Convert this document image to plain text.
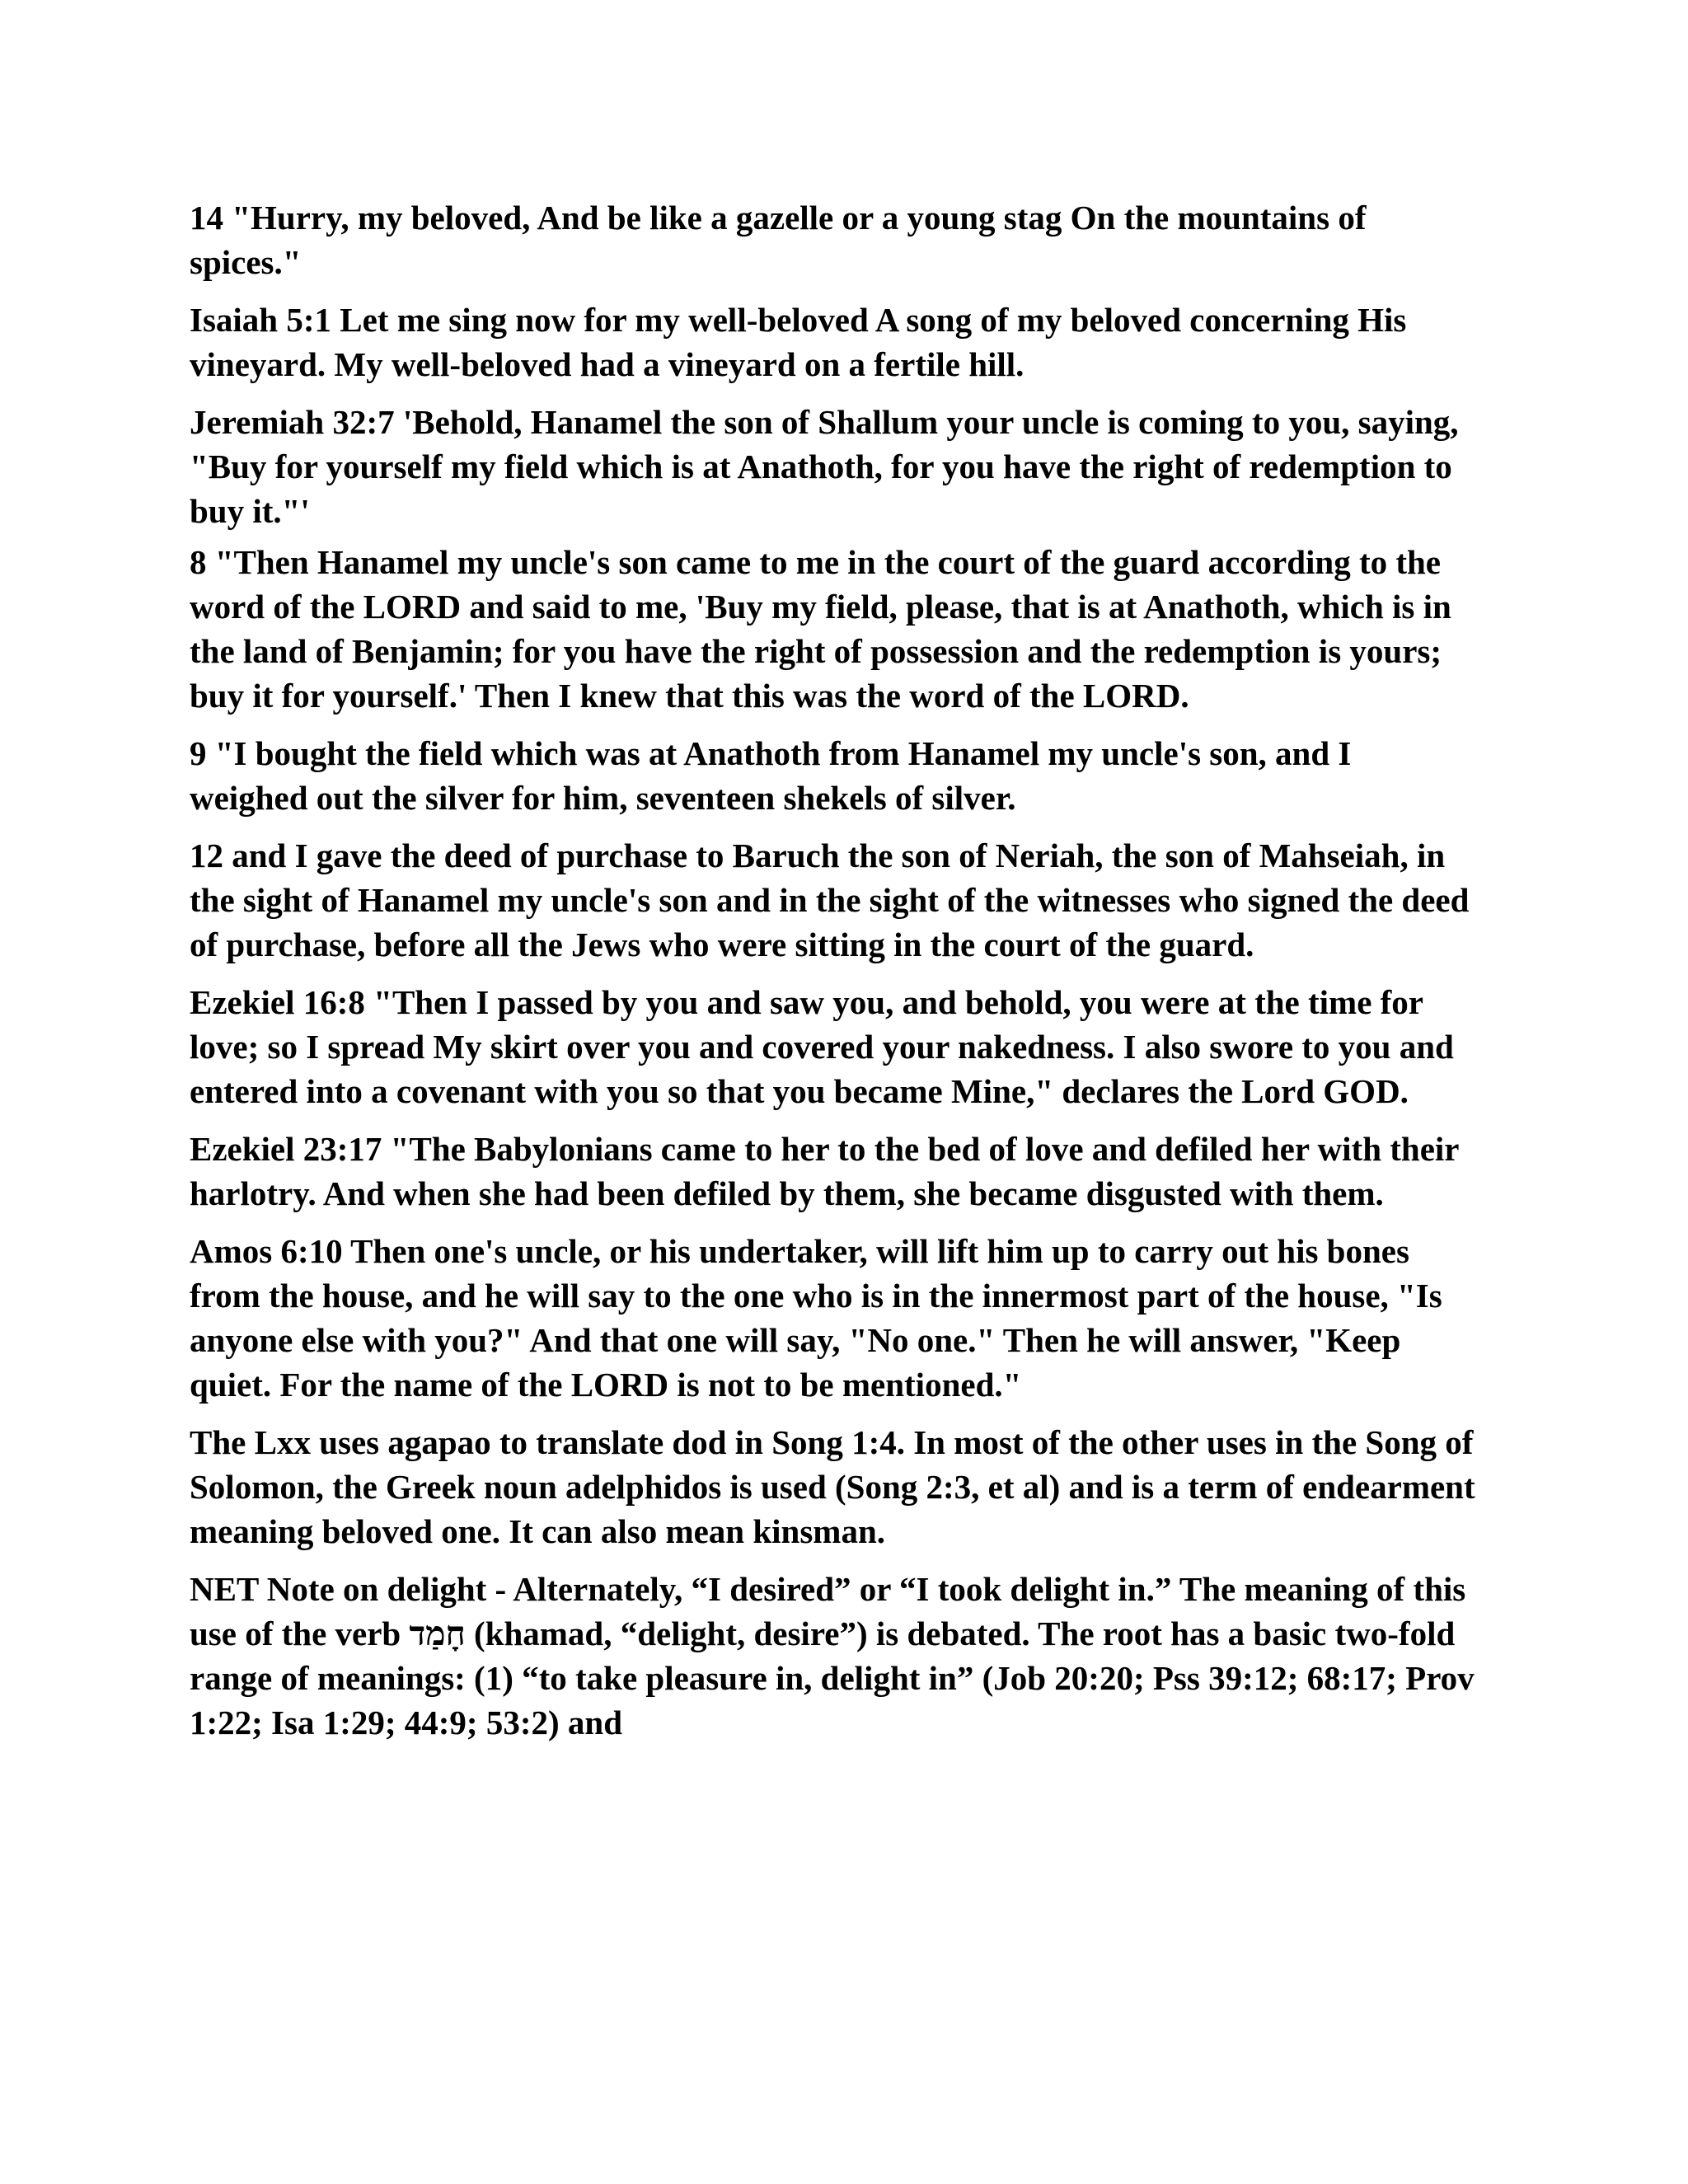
14 "Hurry, my beloved, And be like a gazelle or a young stag On the mountains of spices."

Isaiah 5:1 Let me sing now for my well-beloved A song of my beloved concerning His vineyard. My well-beloved had a vineyard on a fertile hill.

Jeremiah 32:7 'Behold, Hanamel the son of Shallum your uncle is coming to you, saying, "Buy for yourself my field which is at Anathoth, for you have the right of redemption to buy it."'

8 "Then Hanamel my uncle's son came to me in the court of the guard according to the word of the LORD and said to me, 'Buy my field, please, that is at Anathoth, which is in the land of Benjamin; for you have the right of possession and the redemption is yours; buy it for yourself.' Then I knew that this was the word of the LORD.

9 "I bought the field which was at Anathoth from Hanamel my uncle's son, and I weighed out the silver for him, seventeen shekels of silver.

12 and I gave the deed of purchase to Baruch the son of Neriah, the son of Mahseiah, in the sight of Hanamel my uncle's son and in the sight of the witnesses who signed the deed of purchase, before all the Jews who were sitting in the court of the guard.

Ezekiel 16:8 "Then I passed by you and saw you, and behold, you were at the time for love; so I spread My skirt over you and covered your nakedness. I also swore to you and entered into a covenant with you so that you became Mine," declares the Lord GOD.

Ezekiel 23:17 "The Babylonians came to her to the bed of love and defiled her with their harlotry. And when she had been defiled by them, she became disgusted with them.

Amos 6:10 Then one's uncle, or his undertaker, will lift him up to carry out his bones from the house, and he will say to the one who is in the innermost part of the house, "Is anyone else with you?" And that one will say, "No one." Then he will answer, "Keep quiet. For the name of the LORD is not to be mentioned."

The Lxx uses agapao to translate dod in Song 1:4. In most of the other uses in the Song of Solomon, the Greek noun adelphidos is used (Song 2:3, et al) and is a term of endearment meaning beloved one. It can also mean kinsman.

NET Note on delight - Alternately, “I desired” or “I took delight in.” The meaning of this use of the verb חָמַד (khamad, “delight, desire”) is debated. The root has a basic two-fold range of meanings: (1) “to take pleasure in, delight in” (Job 20:20; Pss 39:12; 68:17; Prov 1:22; Isa 1:29; 44:9; 53:2) and
